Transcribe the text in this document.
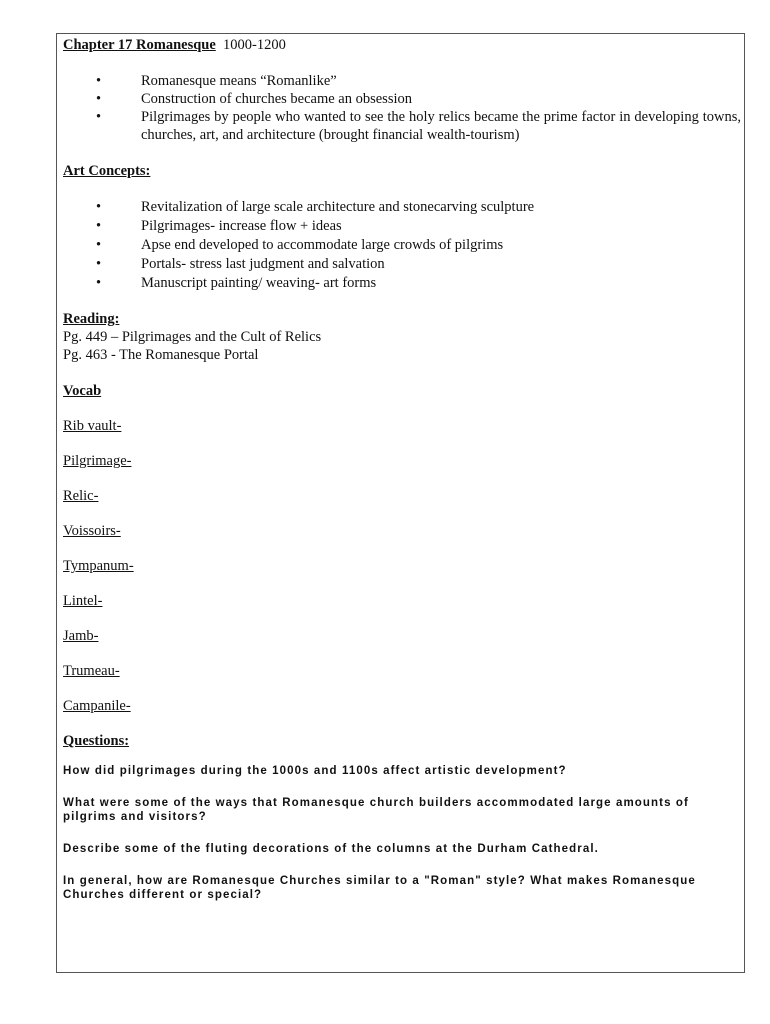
Chapter 17 Romanesque 1000-1200

•	Romanesque means “Romanlike”
•	Construction of churches became an obsession
•	Pilgrimages by people who wanted to see the holy relics became the prime factor in developing towns, churches, art, and architecture (brought financial wealth-tourism)

Art Concepts:

•	Revitalization of large scale architecture and stonecarving sculpture
•	Pilgrimages- increase flow + ideas
•	Apse end developed to accommodate large crowds of pilgrims
•	Portals- stress last judgment and salvation
•	Manuscript painting/ weaving- art forms

Reading:

Pg. 449 – Pilgrimages and the Cult of Relics

Pg. 463 - The Romanesque Portal

Vocab

Rib vault-

Pilgrimage-

Relic-

Voissoirs-

Tympanum-

Lintel-

Jamb-

Trumeau-

Campanile-

Questions:

How did pilgrimages during the 1000s and 1100s affect artistic development?

What were some of the ways that Romanesque church builders accommodated large amounts of pilgrims and visitors?

Describe some of the fluting decorations of the columns at the Durham Cathedral.

In general, how are Romanesque Churches similar to a "Roman" style? What makes Romanesque Churches different or special?
